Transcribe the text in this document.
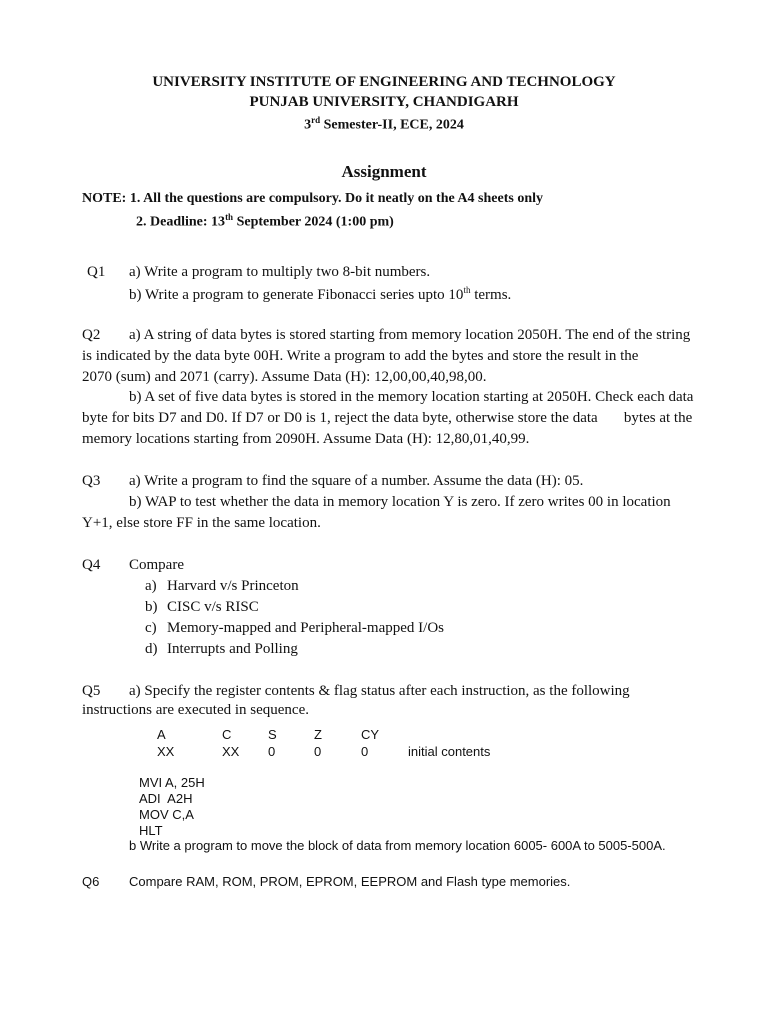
UNIVERSITY INSTITUTE OF ENGINEERING AND TECHNOLOGY
PUNJAB UNIVERSITY, CHANDIGARH
3rd Semester-II, ECE, 2024
Assignment
NOTE: 1. All the questions are compulsory. Do it neatly on the A4 sheets only
2. Deadline: 13th September 2024 (1:00 pm)
Q1 a) Write a program to multiply two 8-bit numbers.
b) Write a program to generate Fibonacci series upto 10th terms.
Q2 a) A string of data bytes is stored starting from memory location 2050H. The end of the string
is indicated by the data byte 00H. Write a program to add the bytes and store the result in the
2070 (sum) and 2071 (carry). Assume Data (H): 12,00,00,40,98,00.
b) A set of five data bytes is stored in the memory location starting at 2050H. Check each data
byte for bits D7 and D0. If D7 or D0 is 1, reject the data byte, otherwise store the data       bytes at the
memory locations starting from 2090H. Assume Data (H): 12,80,01,40,99.
Q3 a) Write a program to find the square of a number. Assume the data (H): 05.
b) WAP to test whether the data in memory location Y is zero. If zero writes 00 in location
Y+1, else store FF in the same location.
Q4 Compare
a) Harvard v/s Princeton
b) CISC v/s RISC
c) Memory-mapped and Peripheral-mapped I/Os
d) Interrupts and Polling
Q5 a) Specify the register contents & flag status after each instruction, as the following
instructions are executed in sequence.
A	C	S	Z	CY
XX	XX 0	0	0	initial contents
MVI A, 25H
ADI  A2H
MOV C,A
HLT
b Write a program to move the block of data from memory location 6005- 600A to 5005-500A.
Q6 Compare RAM, ROM, PROM, EPROM, EEPROM and Flash type memories.
